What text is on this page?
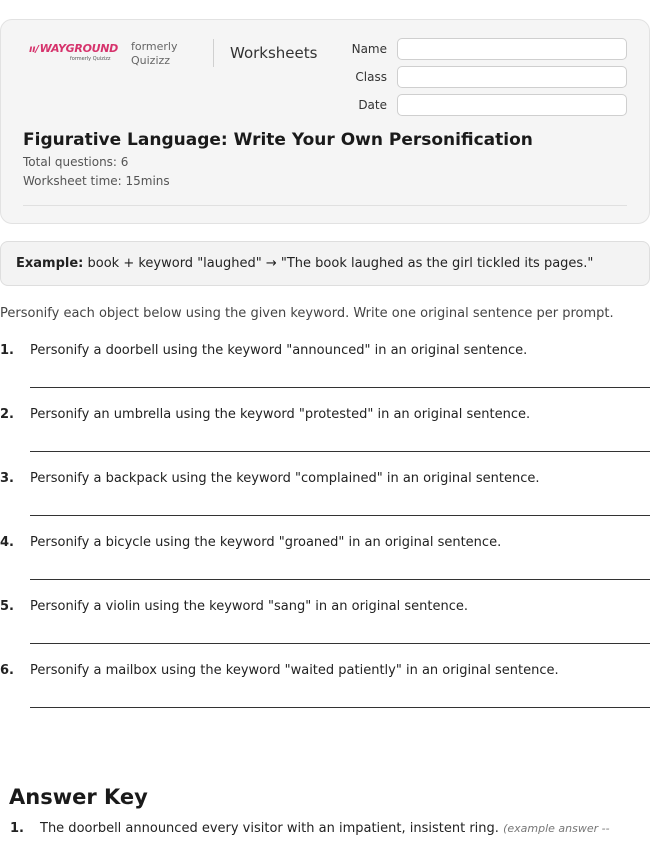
ıı/WAYGROUND
formerly Quizizz
formerly
Quizizz	Worksheets	Name
Class
Date
Figurative Language: Write Your Own Personification
Total questions: 6
Worksheet time: 15mins
Example: book + keyword "laughed" → "The book laughed as the girl tickled its pages."
Personify each object below using the given keyword. Write one original sentence per prompt.
1. Personify a doorbell using the keyword "announced" in an original sentence.
2. Personify an umbrella using the keyword "protested" in an original sentence.
3. Personify a backpack using the keyword "complained" in an original sentence.
4. Personify a bicycle using the keyword "groaned" in an original sentence.
5. Personify a violin using the keyword "sang" in an original sentence.
6. Personify a mailbox using the keyword "waited patiently" in an original sentence.
Answer Key
1. The doorbell announced every visitor with an impatient, insistent ring. (example answer --
